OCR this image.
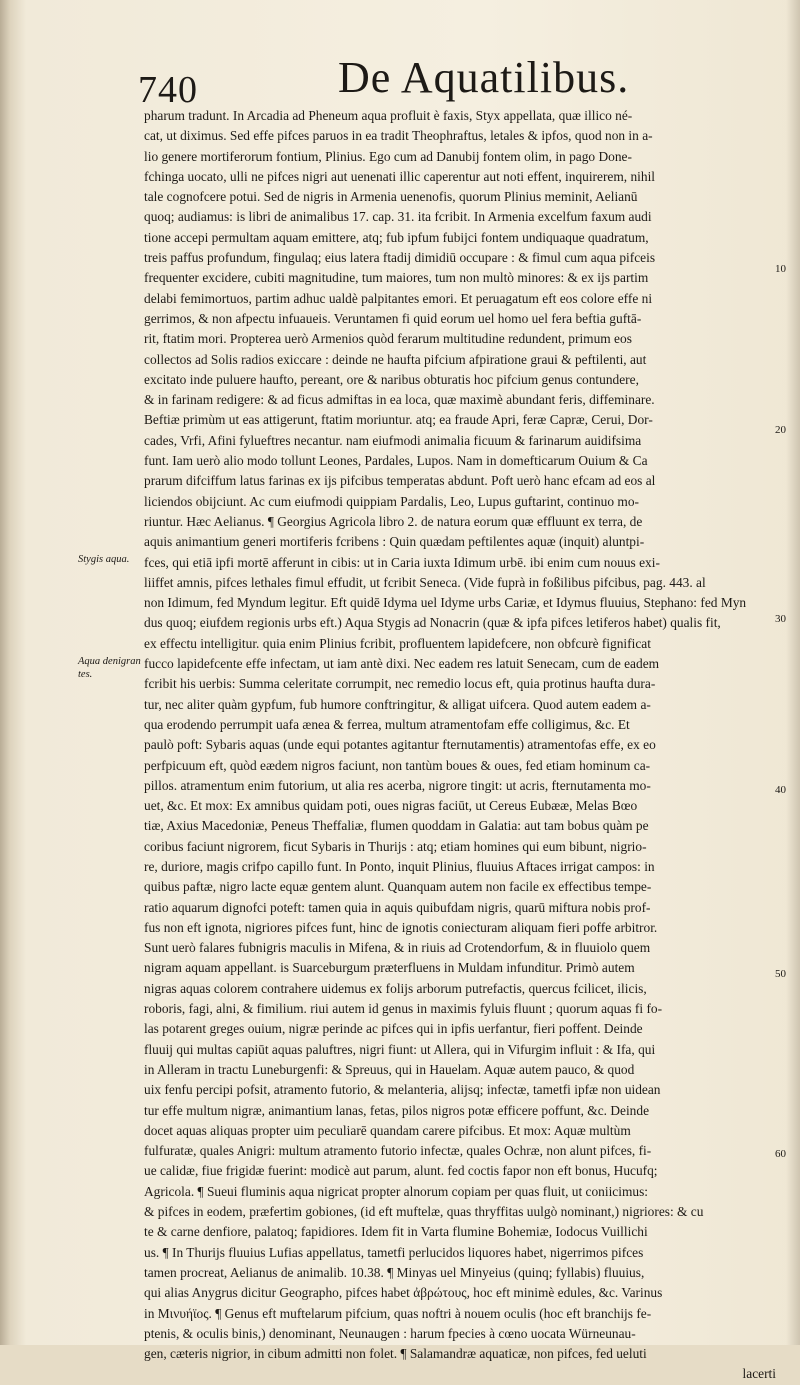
740	De Aquatilibus.
pharum tradunt. In Arcadia ad Pheneum aqua profluit è faxis, Styx appellata, quæ illico né-
cat, ut diximus. Sed effe pifces paruos in ea tradit Theophraftus, letales & ipfos, quod non in a-
lio genere mortiferorum fontium, Plinius. Ego cum ad Danubij fontem olim, in pago Done-
fchinga uocato, ulli ne pifces nigri aut uenenati illic caperentur aut noti effent, inquirerem, nihil
tale cognofcere potui. Sed de nigris in Armenia uenenofis, quorum Plinius meminit, Aelianū
quoq; audiamus: is libri de animalibus 17. cap. 31. ita fcribit. In Armenia excelfum faxum audi
tione accepi permultam aquam emittere, atq; fub ipfum fubijci fontem undiquaque quadratum,
treis paffus profundum, fingulaq; eius latera ftadij dimidiū occupare : & fimul cum aqua pifceis
frequenter excidere, cubiti magnitudine, tum maiores, tum non multò minores: & ex ijs partim
delabi femimortuos, partim adhuc ualdè palpitantes emori. Et peruagatum eft eos colore effe ni
gerrimos, & non afpectu infuaueis. Veruntamen fi quid eorum uel homo uel fera beftia guftā-
rit, ftatim mori. Propterea uerò Armenios quòd ferarum multitudine redundent, primum eos
collectos ad Solis radios exiccare : deinde ne haufta pifcium afpiratione graui & peftilenti, aut
excitato inde puluere haufto, pereant, ore & naribus obturatis hoc pifcium genus contundere,
& in farinam redigere: & ad ficus admiftas in ea loca, quæ maximè abundant feris, diffeminare.
Beftiæ primùm ut eas attigerunt, ftatim moriuntur. atq; ea fraude Apri, feræ Capræ, Cerui, Dor-
cades, Vrfi, Afini fylueftres necantur. nam eiufmodi animalia ficuum & farinarum auidifsima
funt. Iam uerò alio modo tollunt Leones, Pardales, Lupos. Nam in domefticarum Ouium & Ca
prarum difciffum latus farinas ex ijs pifcibus temperatas abdunt. Poft uerò hanc efcam ad eos al
liciendos obijciunt. Ac cum eiufmodi quippiam Pardalis, Leo, Lupus guftarint, continuo mo-
riuntur. Hæc Aelianus. ¶ Georgius Agricola libro 2. de natura eorum quæ effluunt ex terra, de
aquis animantium generi mortiferis fcribens : Quin quædam peftilentes aquæ (inquit) aluntpi-
fces, qui etiā ipfi mortē afferunt in cibis: ut in Caria iuxta Idimum urbē. ibi enim cum nouus exi-
liiffet amnis, pifces lethales fimul effudit, ut fcribit Seneca. (Vide fuprà in foßilibus pifcibus, pag. 443. al
non Idimum, fed Myndum legitur. Eft quidē Idyma uel Idyme urbs Cariæ, et Idymus fluuius, Stephano: fed Myn
dus quoq; eiufdem regionis urbs eft.) Aqua Stygis ad Nonacrin (quæ & ipfa pifces letiferos habet) qualis fit,
ex effectu intelligitur. quia enim Plinius fcribit, profluentem lapidefcere, non obfcurè fignificat
fucco lapidefcente effe infectam, ut iam antè dixi. Nec eadem res latuit Senecam, cum de eadem
fcribit his uerbis: Summa celeritate corrumpit, nec remedio locus eft, quia protinus haufta dura-
tur, nec aliter quàm gypfum, fub humore conftringitur, & alligat uifcera. Quod autem eadem a-
qua erodendo perrumpit uafa ænea & ferrea, multum atramentofam effe colligimus, &c. Et
paulò poft: Sybaris aquas (unde equi potantes agitantur fternutamentis) atramentofas effe, ex eo
perfpicuum eft, quòd eædem nigros faciunt, non tantùm boues & oues, fed etiam hominum ca-
pillos. atramentum enim futorium, ut alia res acerba, nigrore tingit: ut acris, fternutamenta mo-
uet, &c. Et mox: Ex amnibus quidam poti, oues nigras faciūt, ut Cereus Eubææ, Melas Bœo
tiæ, Axius Macedoniæ, Peneus Theffaliæ, flumen quoddam in Galatia: aut tam bobus quàm pe
coribus faciunt nigrorem, ficut Sybaris in Thurijs : atq; etiam homines qui eum bibunt, nigrio-
re, duriore, magis crifpo capillo funt. In Ponto, inquit Plinius, fluuius Aftaces irrigat campos: in
quibus paftæ, nigro lacte equæ gentem alunt. Quanquam autem non facile ex effectibus tempe-
ratio aquarum dignofci poteft: tamen quia in aquis quibufdam nigris, quarū miftura nobis prof-
fus non eft ignota, nigriores pifces funt, hinc de ignotis coniecturam aliquam fieri poffe arbitror.
Sunt uerò falares fubnigris maculis in Mifena, & in riuis ad Crotendorfum, & in fluuiolo quem
nigram aquam appellant. is Suarceburgum præterfluens in Muldam infunditur. Primò autem
nigras aquas colorem contrahere uidemus ex folijs arborum putrefactis, quercus fcilicet, ilicis,
roboris, fagi, alni, & fimilium. riui autem id genus in maximis fyluis fluunt ; quorum aquas fi fo-
las potarent greges ouium, nigræ perinde ac pifces qui in ipfis uerfantur, fieri poffent. Deinde
fluuij qui multas capiūt aquas paluftres, nigri fiunt: ut Allera, qui in Vifurgim influit : & Ifa, qui
in Alleram in tractu Luneburgenfi: & Spreuus, qui in Hauelam. Aquæ autem pauco, & quod
uix fenfu percipi pofsit, atramento futorio, & melanteria, alijsq; infectæ, tametfi ipfæ non uidean
tur effe multum nigræ, animantium lanas, fetas, pilos nigros potæ efficere poffunt, &c. Deinde
docet aquas aliquas propter uim peculiarē quandam carere pifcibus. Et mox: Aquæ multùm
fulfuratæ, quales Anigri: multum atramento futorio infectæ, quales Ochræ, non alunt pifces, fi-
ue calidæ, fiue frigidæ fuerint: modicè aut parum, alunt. fed coctis fapor non eft bonus, Hucufq;
Agricola. ¶ Sueui fluminis aqua nigricat propter alnorum copiam per quas fluit, ut coniicimus:
& pifces in eodem, præfertim gobiones, (id eft muftelæ, quas thryffitas uulgò nominant,) nigriores: & cu
te & carne denfiore, palatoq; fapidiores. Idem fit in Varta flumine Bohemiæ, Iodocus Vuillichi
us. ¶ In Thurijs fluuius Lufias appellatus, tametfi perlucidos liquores habet, nigerrimos pifces
tamen procreat, Aelianus de animalib. 10.38. ¶ Minyas uel Minyeius (quinq; fyllabis) fluuius,
qui alias Anygrus dicitur Geographo, pifces habet ἀβρώτους, hoc eft minimè edules, &c. Varinus
in Μινυήϊος. ¶ Genus eft muftelarum pifcium, quas noftri à nouem oculis (hoc eft branchijs fe-
ptenis, & oculis binis,) denominant, Neunaugen : harum fpecies à cœno uocata Würneunau-
gen, cæteris nigrior, in cibum admitti non folet. ¶ Salamandræ aquaticæ, non pifces, fed ueluti
lacerti
Stygis aqua.
Aqua denigran tes.
10
20
30
40
50
60
